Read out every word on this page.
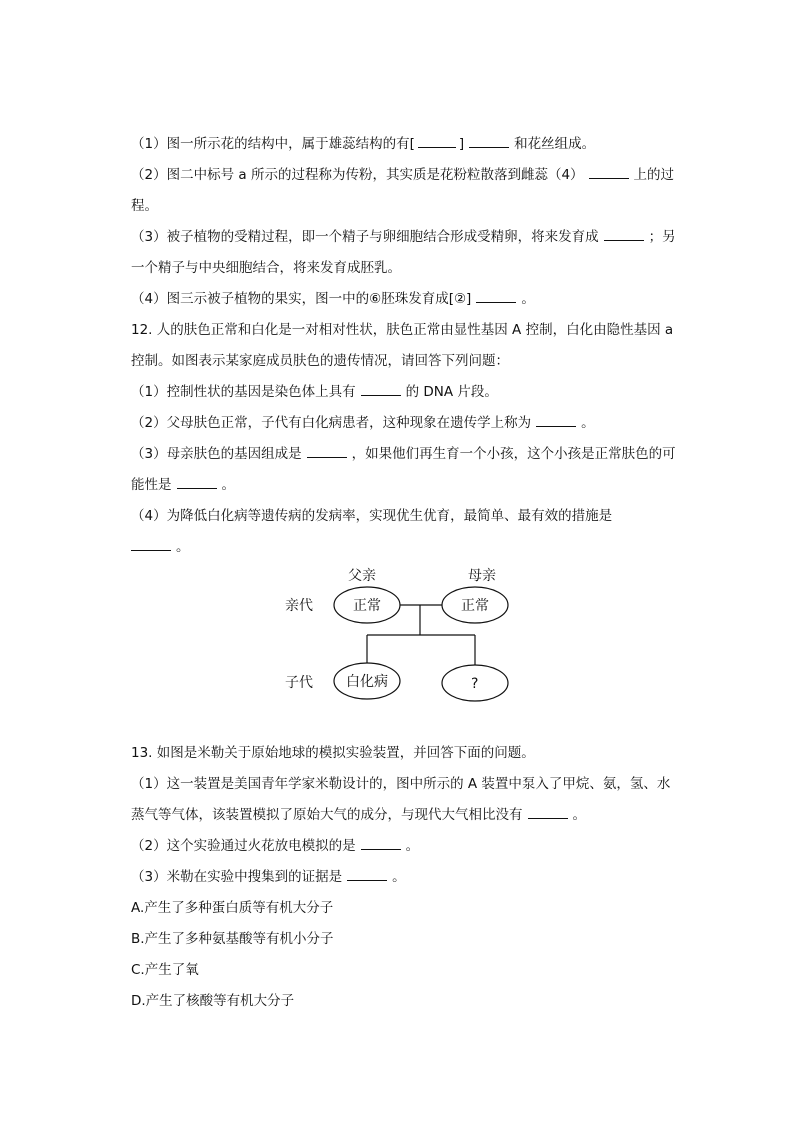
（1）图一所示花的结构中，属于雄蕊结构的有[	]	和花丝组成。
（2）图二中标号 a 所示的过程称为传粉，其实质是花粉粒散落到雌蕊（4）	上的过
程。
（3）被子植物的受精过程，即一个精子与卵细胞结合形成受精卵，将来发育成	；另
一个精子与中央细胞结合，将来发育成胚乳。
（4）图三示被子植物的果实，图一中的⑥胚珠发育成[②]	。
12. 人的肤色正常和白化是一对相对性状，肤色正常由显性基因 A 控制，白化由隐性基因 a
控制。如图表示某家庭成员肤色的遗传情况，请回答下列问题：
（1）控制性状的基因是染色体上具有	的 DNA 片段。
（2）父母肤色正常，子代有白化病患者，这种现象在遗传学上称为	。
（3）母亲肤色的基因组成是	，如果他们再生育一个小孩，这个小孩是正常肤色的可
能性是	。
（4）为降低白化病等遗传病的发病率，实现优生优育，最简单、最有效的措施是
。
父亲	母亲
亲代
子代
正常	正常
白化病	?
13. 如图是米勒关于原始地球的模拟实验装置，并回答下面的问题。
（1）这一装置是美国青年学家米勒设计的，图中所示的 A 装置中泵入了甲烷、氨，氢、水
蒸气等气体，该装置模拟了原始大气的成分，与现代大气相比没有	。
（2）这个实验通过火花放电模拟的是	。
（3）米勒在实验中搜集到的证据是	。
A.产生了多种蛋白质等有机大分子
B.产生了多种氨基酸等有机小分子
C.产生了氧
D.产生了核酸等有机大分子
